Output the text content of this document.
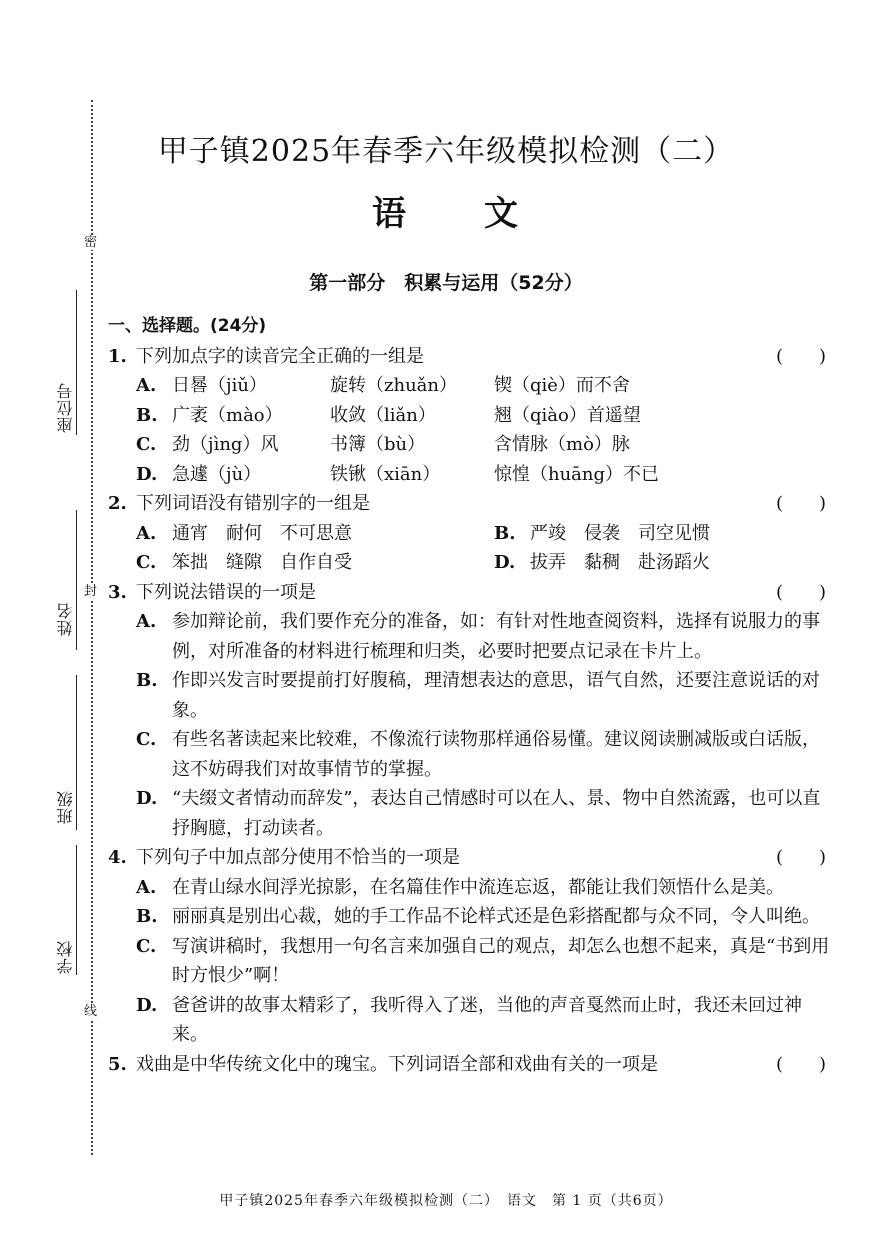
密
封
线
座位号
姓名
班级
学校
甲子镇2025年春季六年级模拟检测（二）
语 文
第一部分　积累与运用（52分）
一、选择题。(24分)
1. 下列加点字的读音完全正确的一组是	(　　)
A. 日晷（jiǔ）	旋转（zhuǎn）	锲（qiè）而不舍
B. 广袤（mào）	收敛（liǎn）	翘（qiào）首遥望
C. 劲（jìng）风	书簿（bù）	含情脉（mò）脉
D. 急遽（jù）	铁锹（xiān）	惊惶（huāng）不已
2. 下列词语没有错别字的一组是	(　　)
A. 通宵　耐何　不可思意	B. 严竣　侵袭　司空见惯
C. 笨拙　缝隙　自作自受	D. 拔弄　黏稠　赴汤蹈火
3. 下列说法错误的一项是	(　　)
A. 参加辩论前，我们要作充分的准备，如：有针对性地查阅资料，选择有说服力的事例，对所准备的材料进行梳理和归类，必要时把要点记录在卡片上。
B. 作即兴发言时要提前打好腹稿，理清想表达的意思，语气自然，还要注意说话的对象。
C. 有些名著读起来比较难，不像流行读物那样通俗易懂。建议阅读删减版或白话版，这不妨碍我们对故事情节的掌握。
D. “夫缀文者情动而辞发”，表达自己情感时可以在人、景、物中自然流露，也可以直抒胸臆，打动读者。
4. 下列句子中加点部分使用不恰当的一项是	(　　)
A. 在青山绿水间浮光掠影，在名篇佳作中流连忘返，都能让我们领悟什么是美。
B. 丽丽真是别出心裁，她的手工作品不论样式还是色彩搭配都与众不同，令人叫绝。
C. 写演讲稿时，我想用一句名言来加强自己的观点，却怎么也想不起来，真是“书到用时方恨少”啊！
D. 爸爸讲的故事太精彩了，我听得入了迷，当他的声音戛然而止时，我还未回过神来。
5. 戏曲是中华传统文化中的瑰宝。下列词语全部和戏曲有关的一项是	(　　)
甲子镇2025年春季六年级模拟检测（二）　语文　第 1 页（共6页）
